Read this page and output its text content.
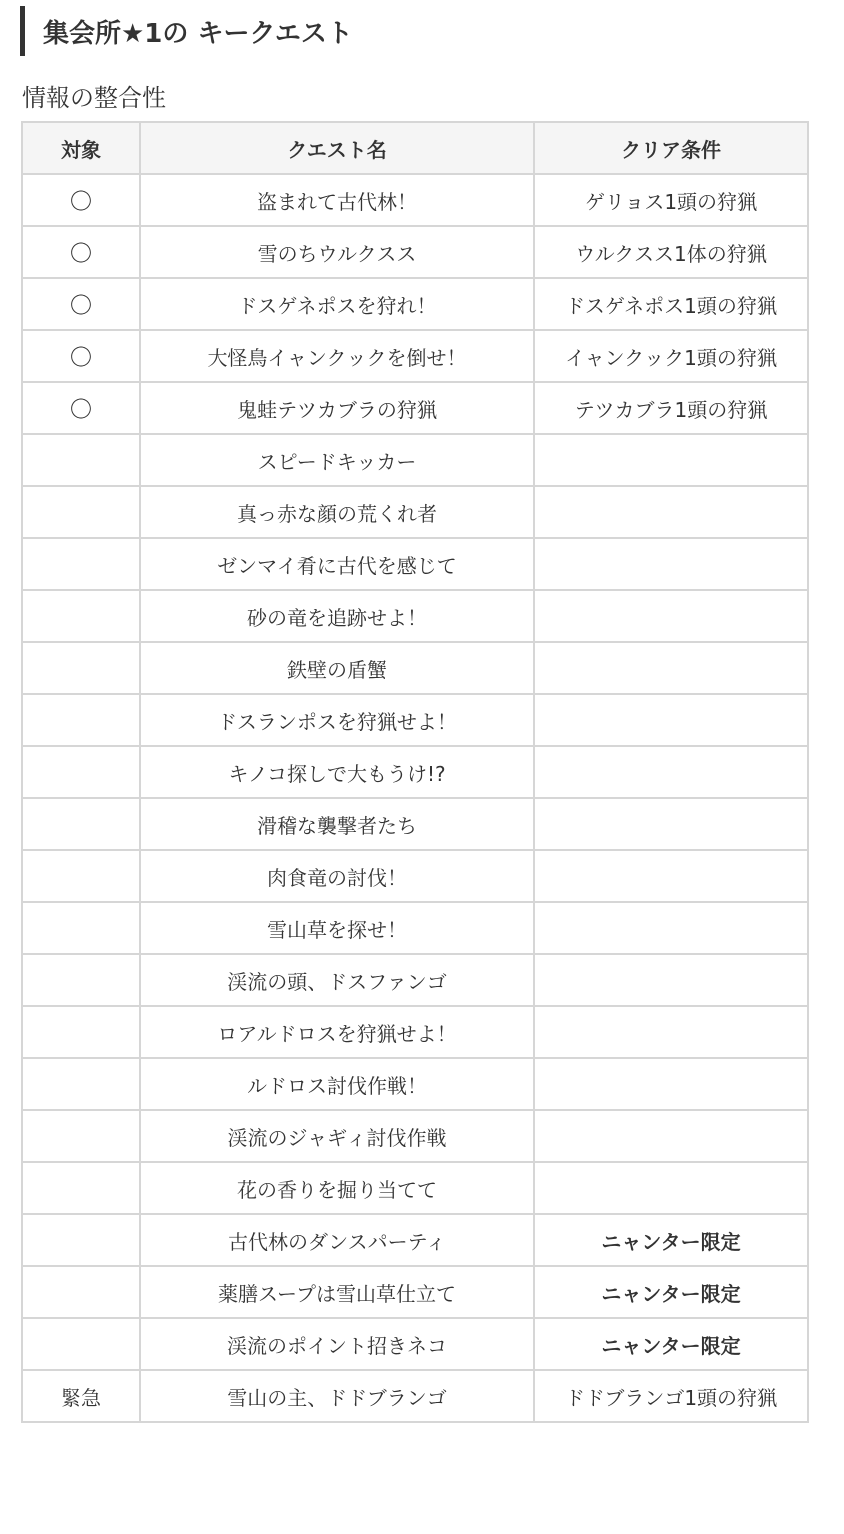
集会所★1の キークエスト
情報の整合性
対象	クエスト名	クリア条件
〇	盗まれて古代林！	ゲリョス1頭の狩猟
〇	雪のちウルクスス	ウルクスス1体の狩猟
〇	ドスゲネポスを狩れ！	ドスゲネポス1頭の狩猟
〇	大怪鳥イャンクックを倒せ！	イャンクック1頭の狩猟
〇	鬼蛙テツカブラの狩猟	テツカブラ1頭の狩猟
	スピードキッカー	
	真っ赤な顔の荒くれ者	
	ゼンマイ肴に古代を感じて	
	砂の竜を追跡せよ！	
	鉄壁の盾蟹	
	ドスランポスを狩猟せよ！	
	キノコ探しで大もうけ!?	
	滑稽な襲撃者たち	
	肉食竜の討伐！	
	雪山草を探せ！	
	渓流の頭、ドスファンゴ	
	ロアルドロスを狩猟せよ！	
	ルドロス討伐作戦！	
	渓流のジャギィ討伐作戦	
	花の香りを掘り当てて	
	古代林のダンスパーティ	ニャンター限定
	薬膳スープは雪山草仕立て	ニャンター限定
	渓流のポイント招きネコ	ニャンター限定
緊急	雪山の主、ドドブランゴ	ドドブランゴ1頭の狩猟
